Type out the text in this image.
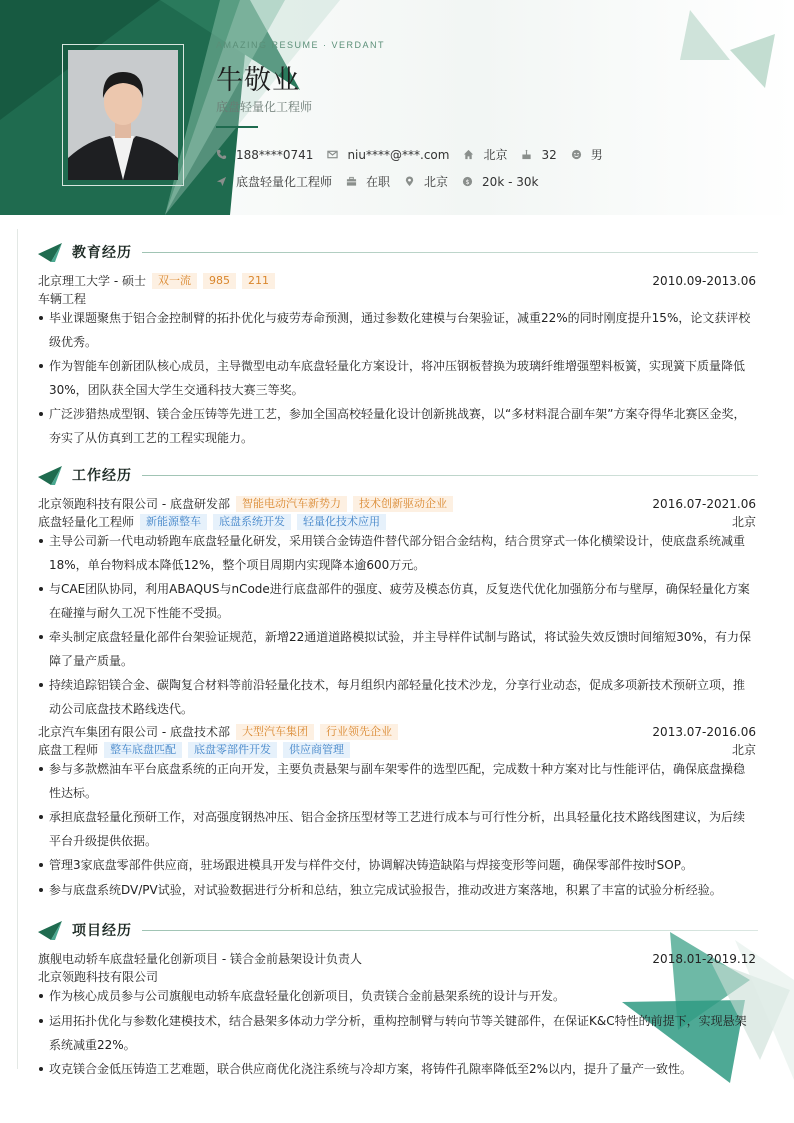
AMAZING RESUME · VERDANT
牛敬业
底盘轻量化工程师
188****0741	niu****@***.com	北京	32	男
底盘轻量化工程师	在职	北京 $ 20k - 30k
教育经历
北京理工大学 - 硕士	双一流	985	211	2010.09-2013.06
车辆工程
毕业课题聚焦于铝合金控制臂的拓扑优化与疲劳寿命预测，通过参数化建模与台架验证，减重22%的同时刚度提升15%，论文获评校级优秀。
作为智能车创新团队核心成员，主导微型电动车底盘轻量化方案设计，将冲压钢板替换为玻璃纤维增强塑料板簧，实现簧下质量降低30%，团队获全国大学生交通科技大赛三等奖。
广泛涉猎热成型钢、镁合金压铸等先进工艺，参加全国高校轻量化设计创新挑战赛，以“多材料混合副车架”方案夺得华北赛区金奖，夯实了从仿真到工艺的工程实现能力。
工作经历
北京领跑科技有限公司 - 底盘研发部	智能电动汽车新势力	技术创新驱动企业	2016.07-2021.06
底盘轻量化工程师	新能源整车	底盘系统开发	轻量化技术应用	北京
主导公司新一代电动轿跑车底盘轻量化研发，采用镁合金铸造件替代部分铝合金结构，结合贯穿式一体化横梁设计，使底盘系统减重18%，单台物料成本降低12%，整个项目周期内实现降本逾600万元。
与CAE团队协同，利用ABAQUS与nCode进行底盘部件的强度、疲劳及模态仿真，反复迭代优化加强筋分布与壁厚，确保轻量化方案在碰撞与耐久工况下性能不受损。
牵头制定底盘轻量化部件台架验证规范，新增22通道道路模拟试验，并主导样件试制与路试，将试验失效反馈时间缩短30%，有力保障了量产质量。
持续追踪铝镁合金、碳陶复合材料等前沿轻量化技术，每月组织内部轻量化技术沙龙，分享行业动态，促成多项新技术预研立项，推动公司底盘技术路线迭代。
北京汽车集团有限公司 - 底盘技术部	大型汽车集团	行业领先企业	2013.07-2016.06
底盘工程师	整车底盘匹配	底盘零部件开发	供应商管理	北京
参与多款燃油车平台底盘系统的正向开发，主要负责悬架与副车架零件的选型匹配，完成数十种方案对比与性能评估，确保底盘操稳性达标。
承担底盘轻量化预研工作，对高强度钢热冲压、铝合金挤压型材等工艺进行成本与可行性分析，出具轻量化技术路线图建议，为后续平台升级提供依据。
管理3家底盘零部件供应商，驻场跟进模具开发与样件交付，协调解决铸造缺陷与焊接变形等问题，确保零部件按时SOP。
参与底盘系统DV/PV试验，对试验数据进行分析和总结，独立完成试验报告，推动改进方案落地，积累了丰富的试验分析经验。
项目经历
旗舰电动轿车底盘轻量化创新项目 - 镁合金前悬架设计负责人	2018.01-2019.12
北京领跑科技有限公司
作为核心成员参与公司旗舰电动轿车底盘轻量化创新项目，负责镁合金前悬架系统的设计与开发。
运用拓扑优化与参数化建模技术，结合悬架多体动力学分析，重构控制臂与转向节等关键部件，在保证K&C特性的前提下，实现悬架系统减重22%。
攻克镁合金低压铸造工艺难题，联合供应商优化浇注系统与冷却方案，将铸件孔隙率降低至2%以内，提升了量产一致性。
